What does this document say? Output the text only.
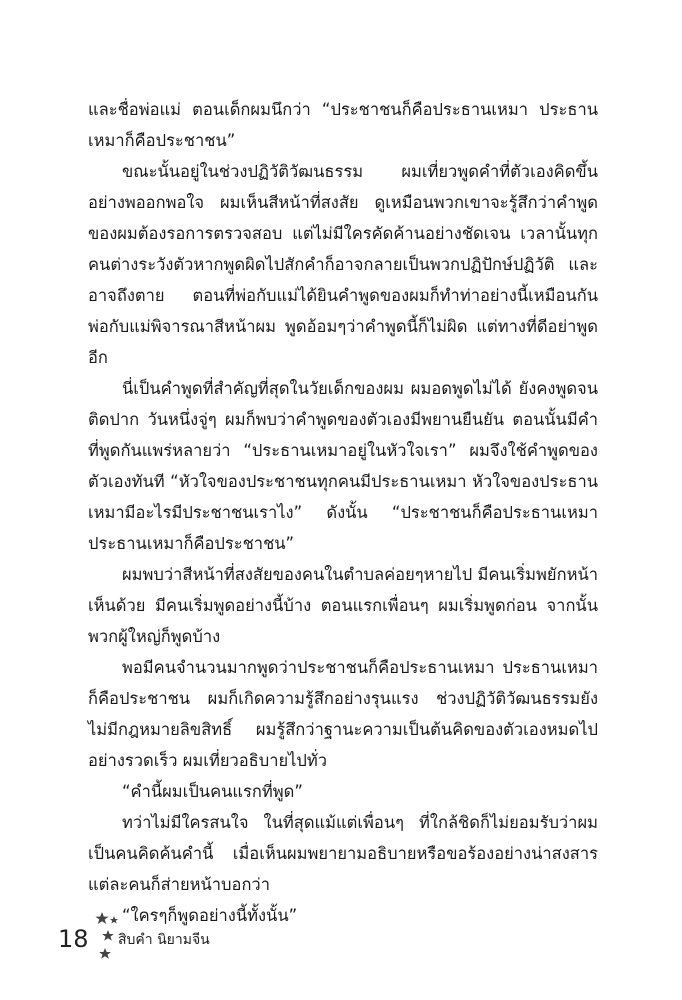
และชื่อพ่อแม่ ตอนเด็กผมนึกว่า “ประชาชนก็คือประธานเหมา ประธานเหมาก็คือประชาชน”

ขณะนั้นอยู่ในช่วงปฏิวัติวัฒนธรรม ผมเที่ยวพูดคำที่ตัวเองคิดขึ้นอย่างพออกพอใจ ผมเห็นสีหน้าที่สงสัย ดูเหมือนพวกเขาจะรู้สึกว่าคำพูดของผมต้องรอการตรวจสอบ แต่ไม่มีใครคัดค้านอย่างชัดเจน เวลานั้นทุกคนต่างระวังตัวหากพูดผิดไปสักคำก็อาจกลายเป็นพวกปฏิปักษ์ปฏิวัติ และอาจถึงตาย ตอนที่พ่อกับแม่ได้ยินคำพูดของผมก็ทำท่าอย่างนี้เหมือนกัน พ่อกับแม่พิจารณาสีหน้าผม พูดอ้อมๆว่าคำพูดนี้ก็ไม่ผิด แต่ทางที่ดีอย่าพูดอีก

นี่เป็นคำพูดที่สำคัญที่สุดในวัยเด็กของผม ผมอดพูดไม่ได้ ยังคงพูดจนติดปาก วันหนึ่งจู่ๆ ผมก็พบว่าคำพูดของตัวเองมีพยานยืนยัน ตอนนั้นมีคำที่พูดกันแพร่หลายว่า “ประธานเหมาอยู่ในหัวใจเรา” ผมจึงใช้คำพูดของตัวเองทันที “หัวใจของประชาชนทุกคนมีประธานเหมา หัวใจของประธานเหมามีอะไรมีประชาชนเราไง” ดังนั้น “ประชาชนก็คือประธานเหมา ประธานเหมาก็คือประชาชน”

ผมพบว่าสีหน้าที่สงสัยของคนในตำบลค่อยๆหายไป มีคนเริ่มพยักหน้าเห็นด้วย มีคนเริ่มพูดอย่างนี้บ้าง ตอนแรกเพื่อนๆ ผมเริ่มพูดก่อน จากนั้นพวกผู้ใหญ่ก็พูดบ้าง

พอมีคนจำนวนมากพูดว่าประชาชนก็คือประธานเหมา ประธานเหมาก็คือประชาชน ผมก็เกิดความรู้สึกอย่างรุนแรง ช่วงปฏิวัติวัฒนธรรมยังไม่มีกฎหมายลิขสิทธิ์ ผมรู้สึกว่าฐานะความเป็นต้นคิดของตัวเองหมดไปอย่างรวดเร็ว ผมเที่ยวอธิบายไปทั่ว

“คำนี้ผมเป็นคนแรกที่พูด”

ทว่าไม่มีใครสนใจ ในที่สุดแม้แต่เพื่อนๆ ที่ใกล้ชิดก็ไม่ยอมรับว่าผมเป็นคนคิดค้นคำนี้ เมื่อเห็นผมพยายามอธิบายหรือขอร้องอย่างน่าสงสาร แต่ละคนก็ส่ายหน้าบอกว่า

“ใครๆก็พูดอย่างนี้ทั้งนั้น”

18 สิบคำ นิยามจีน
